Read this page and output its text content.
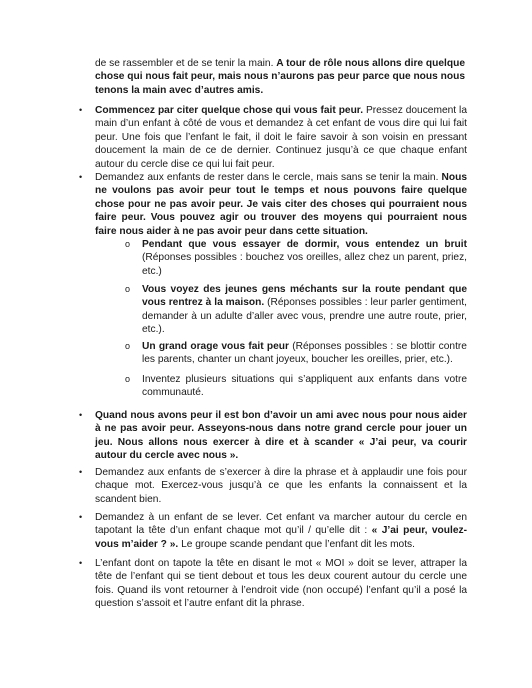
de se rassembler et de se tenir la main. A tour de rôle nous allons dire quelque chose qui nous fait peur, mais nous n’aurons pas peur parce que nous nous tenons la main avec d’autres amis.

• Commencez par citer quelque chose qui vous fait peur. Pressez doucement la main d’un enfant à côté de vous et demandez à cet enfant de vous dire qui lui fait peur. Une fois que l’enfant le fait, il doit le faire savoir à son voisin en pressant doucement la main de ce de dernier. Continuez jusqu’à ce que chaque enfant autour du cercle dise ce qui lui fait peur.

• Demandez aux enfants de rester dans le cercle, mais sans se tenir la main. Nous ne voulons pas avoir peur tout le temps et nous pouvons faire quelque chose pour ne pas avoir peur. Je vais citer des choses qui pourraient nous faire peur. Vous pouvez agir ou trouver des moyens qui pourraient nous faire nous aider à ne pas avoir peur dans cette situation.

o Pendant que vous essayer de dormir, vous entendez un bruit (Réponses possibles : bouchez vos oreilles, allez chez un parent, priez, etc.)

o Vous voyez des jeunes gens méchants sur la route pendant que vous rentrez à la maison. (Réponses possibles : leur parler gentiment, demander à un adulte d’aller avec vous, prendre une autre route, prier, etc.).

o Un grand orage vous fait peur (Réponses possibles : se blottir contre les parents, chanter un chant joyeux, boucher les oreilles, prier, etc.).

o Inventez plusieurs situations qui s’appliquent aux enfants dans votre communauté.

• Quand nous avons peur il est bon d’avoir un ami avec nous pour nous aider à ne pas avoir peur. Asseyons-nous dans notre grand cercle pour jouer un jeu. Nous allons nous exercer à dire et à scander « J’ai peur, va courir autour du cercle avec nous ».

• Demandez aux enfants de s’exercer à dire la phrase et à applaudir une fois pour chaque mot. Exercez-vous jusqu’à ce que les enfants la connaissent et la scandent bien.

• Demandez à un enfant de se lever. Cet enfant va marcher autour du cercle en tapotant la tête d’un enfant chaque mot qu’il / qu’elle dit : « J’ai peur, voulez-vous m’aider ? ». Le groupe scande pendant que l’enfant dit les mots.

• L’enfant dont on tapote la tête en disant le mot « MOI » doit se lever, attraper la tête de l’enfant qui se tient debout et tous les deux courent autour du cercle une fois. Quand ils vont retourner à l’endroit vide (non occupé) l’enfant qu’il a posé la question s’assoit et l’autre enfant dit la phrase.
